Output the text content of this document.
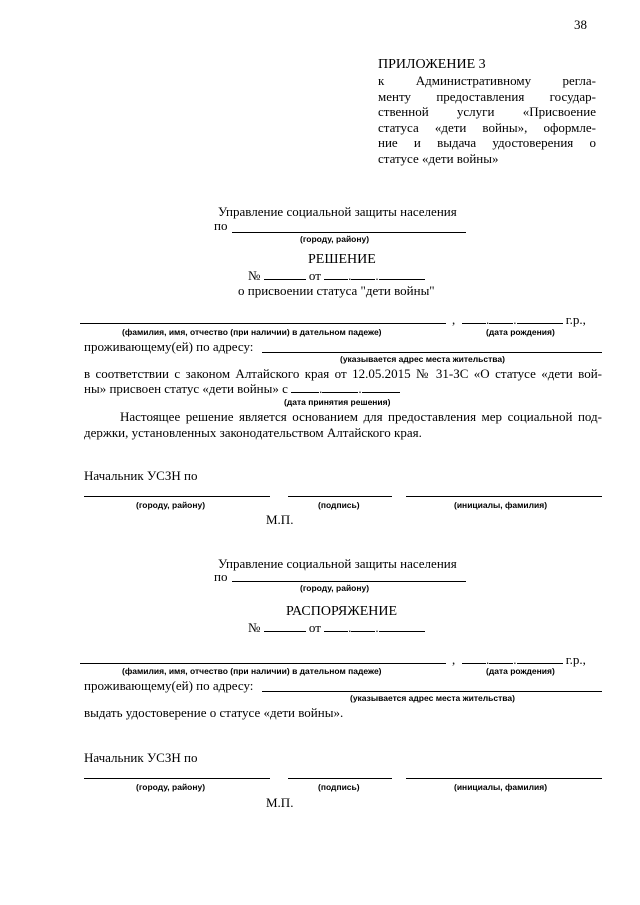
38
ПРИЛОЖЕНИЕ 3
к Административному регла-
менту предоставления государ-
ственной услуги «Присвоение
статуса «дети войны», оформле-
ние и выдача удостоверения о
статусе «дети войны»
Управление социальной защиты населения
по
(городу, району)
РЕШЕНИЕ
№	от . .
о присвоении статуса "дети войны"
,	. .	г.р.,
(фамилия, имя, отчество (при наличии) в дательном падеже)	(дата рождения)
проживающему(ей) по адресу:
(указывается адрес места жительства)
в соответствии с законом Алтайского края от 12.05.2015 № 31-ЗС «О статусе «дети вой-
ны» присвоен статус «дети войны» с .	.
(дата принятия решения)
Настоящее решение является основанием для предоставления мер социальной под-
держки, установленных законодательством Алтайского края.
Начальник УСЗН по
(городу, району)	(подпись)	(инициалы, фамилия)
М.П.
Управление социальной защиты населения
по
(городу, району)
РАСПОРЯЖЕНИЕ
№	от . .
,	. .	г.р.,
(фамилия, имя, отчество (при наличии) в дательном падеже)	(дата рождения)
проживающему(ей) по адресу:
(указывается адрес места жительства)
выдать удостоверение о статусе «дети войны».
Начальник УСЗН по
(городу, району)	(подпись)	(инициалы, фамилия)
М.П.
